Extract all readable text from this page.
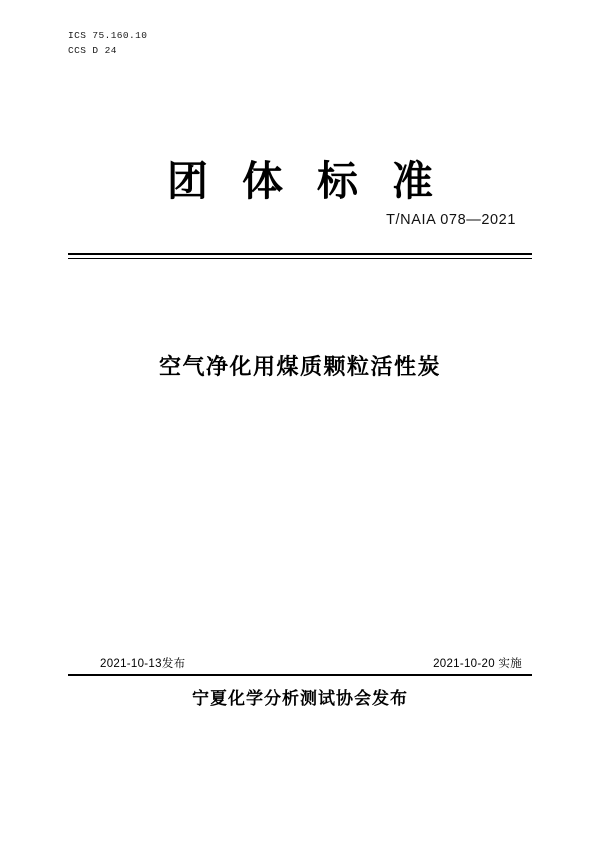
ICS 75.160.10
CCS D 24
团体标准
T/NAIA 078—2021
空气净化用煤质颗粒活性炭
2021-10-13发布	2021-10-20 实施
宁夏化学分析测试协会发布
